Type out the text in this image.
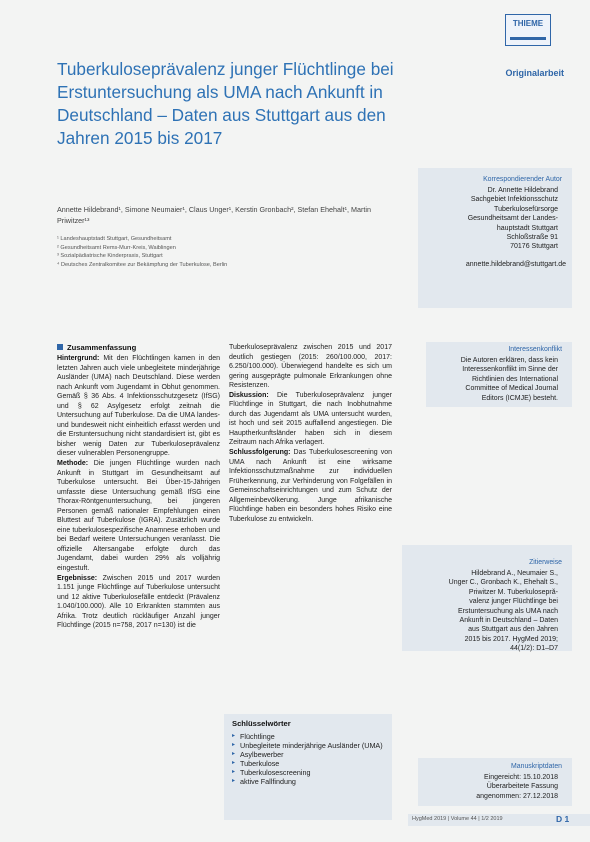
THIEME
Originalarbeit
Tuberkuloseprävalenz junger Flüchtlinge bei Erstuntersuchung als UMA nach Ankunft in Deutschland – Daten aus Stuttgart aus den Jahren 2015 bis 2017
Annette Hildebrand¹, Simone Neumaier¹, Claus Unger¹, Kerstin Gronbach², Stefan Ehehalt¹, Martin Priwitzer¹³
¹ Landeshauptstadt Stuttgart, Gesundheitsamt
² Gesundheitsamt Rems-Murr-Kreis, Waiblingen
³ Sozialpädiatrische Kinderpraxis, Stuttgart
⁴ Deutsches Zentralkomitee zur Bekämpfung der Tuberkulose, Berlin
Korrespondierender Autor
Dr. Annette Hildebrand
Sachgebiet Infektionsschutz
Tuberkulosefürsorge
Gesundheitsamt der Landes-
hauptstadt Stuttgart
Schloßstraße 91
70176 Stuttgart
annette.hildebrand@stuttgart.de
Interessenkonflikt
Die Autoren erklären, dass kein
Interessenkonflikt im Sinne der
Richtlinien des International
Committee of Medical Journal
Editors (ICMJE) besteht.
Zitierweise
Hildebrand A., Neumaier S.,
Unger C., Gronbach K., Ehehalt S.,
Priwitzer M. Tuberkulosepră-
valenz junger Flüchtlinge bei
Erstuntersuchung als UMA nach
Ankunft in Deutschland – Daten
aus Stuttgart aus den Jahren
2015 bis 2017. HygMed 2019;
44(1/2): D1–D7
Manuskriptdaten
Eingereicht: 15.10.2018
Überarbeitete Fassung
angenommen: 27.12.2018
Zusammenfassung

Hintergrund: Mit den Flüchtlingen kamen in den letzten Jahren auch viele unbegleitete minderjährige Ausländer (UMA) nach Deutschland. Diese werden nach Ankunft vom Jugendamt in Obhut genommen. Gemäß § 36 Abs. 4 Infektionsschutzgesetz (IfSG) und § 62 Asylgesetz erfolgt zeitnah die Untersuchung auf Tuberkulose. Da die UMA landes- und bundesweit nicht einheitlich erfasst werden und die Erstuntersuchung nicht standardisiert ist, gibt es bisher wenig Daten zur Tuberkuloseprävalenz dieser vulnerablen Personengruppe.

Methode: Die jungen Flüchtlinge wurden nach Ankunft in Stuttgart im Gesundheitsamt auf Tuberkulose untersucht. Bei Über-15-Jährigen umfasste diese Untersuchung gemäß IfSG eine Thorax-Röntgenuntersuchung, bei jüngeren Personen gemäß nationaler Empfehlungen einen Bluttest auf Tuberkulose (IGRA). Zusätzlich wurde eine tuberkulosespezifische Anamnese erhoben und bei Bedarf weitere Untersuchungen veranlasst. Die offizielle Altersangabe erfolgte durch das Jugendamt, dabei wurden 29% als volljährig eingestuft.

Ergebnisse: Zwischen 2015 und 2017 wurden 1.151 junge Flüchtlinge auf Tuberkulose untersucht und 12 aktive Tuberkulosefälle entdeckt (Prävalenz 1.040/100.000). Alle 10 Erkrankten stammten aus Afrika. Trotz deutlich rückläufiger Anzahl junger Flüchtlinge (2015 n=758, 2017 n=130) ist die

Tuberkuloseprävalenz zwischen 2015 und 2017 deutlich gestiegen (2015: 260/100.000, 2017: 6.250/100.000). Überwiegend handelte es sich um gering ausgeprägte pulmonale Erkrankungen ohne Resistenzen.

Diskussion: Die Tuberkuloseprävalenz junger Flüchtlinge in Stuttgart, die nach Inobhutnahme durch das Jugendamt als UMA untersucht wurden, ist hoch und seit 2015 auffallend angestiegen. Die Hauptherkunftsländer haben sich in diesem Zeitraum nach Afrika verlagert.

Schlussfolgerung: Das Tuberkulosescreening von UMA nach Ankunft ist eine wirksame Infektionsschutzmaßnahme zur individuellen Früherkennung, zur Verhinderung von Folgefällen in Gemeinschaftseinrichtungen und zum Schutz der Allgemeinbevölkerung. Junge afrikanische Flüchtlinge haben ein besonders hohes Risiko eine Tuberkulose zu entwickeln.

Schlüsselwörter
▸ Flüchtlinge
▸ Unbegleitete minderjährige Ausländer (UMA)
▸ Asylbewerber
▸ Tuberkulose
▸ Tuberkulosescreening
▸ aktive Fallfindung
HygMed 2019 | Volume 44 | 1/2 2019	D 1
